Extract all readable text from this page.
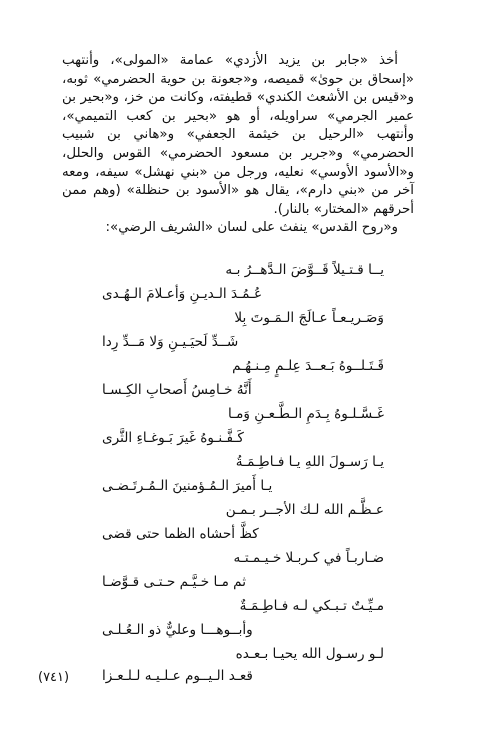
أخذ «جابر بن يزيد الأزدي» عمامة «المولى»، وأنتهب «إسحاق بن حوىٰ» قميصه، و«جعونة بن حوية الحضرمي» ثوبه، و«قيس بن الأشعث الكندي» قطيفته، وكانت من خز، و«بحير بن عمير الجرمي» سراويله، أو هو «بحير بن كعب التميمي»، وأنتهب «الرحيل بن خيثمة الجعفي» و«هاني بن شبيب الحضرمي» و«جرير بن مسعود الحضرمي» القوس والحلل، و«الأسود الأوسي» نعليه، ورجل من «بني نهشل» سيفه، ومعه آخر من «بني دارم»، يقال هو «الأسود بن حنظلة» (وهم ممن أحرقهم «المختار» بالنار).

و«روح القدس» ينفث على لسان «الشريف الرضي»:

يــا قـتـيلاً قَــوَّضَ الـدَّهــرُ بـه
عُـمُـدَ الـديـنِ وَأعـلامَ الـهُـدى
وَصَـريـعـاً عـالَجَ الـمَـوتَ بِلا
شَــدِّ لَحيَـيـنِ وَلا مَــدِّ رِدا
قَـتَـلــوهُ بَـعــدَ عِلـمٍ مِـنـهُـم
أَنَّهُ خـامِسُ أَصحابِ الكِـسـا
غَـسَّـلـوهُ بِـدَمِ الـطَّـعـنِ وَمـا
كَـفَّـنـوهُ غَيرَ بَـوغـاءِ الثَّرى
يـا رَسـولَ اللهِ يـا فـاطِـمَـةُ
يـا أَميرَ الـمُـؤمنينَ الـمُـرتَـضـى
عـظَّـم الله لـك الأجــر بـمـن
كظَّ أحشاه الظما حتى قضى
ضـاربـاً في كـربـلا خـيـمـتـه
ثم مـا خـيَّـم حـتـى قـوَّضـا
مـيِّـتٌ تـبـكي لـه فـاطِـمَـةٌ
وأبــوهـــا وعليٌّ ذو الـعُـلـى
لـو رسـول الله يحيـا بـعـده
قعـد الـيــوم عـلـيـه لـلـعـزا
(٧٤١)
